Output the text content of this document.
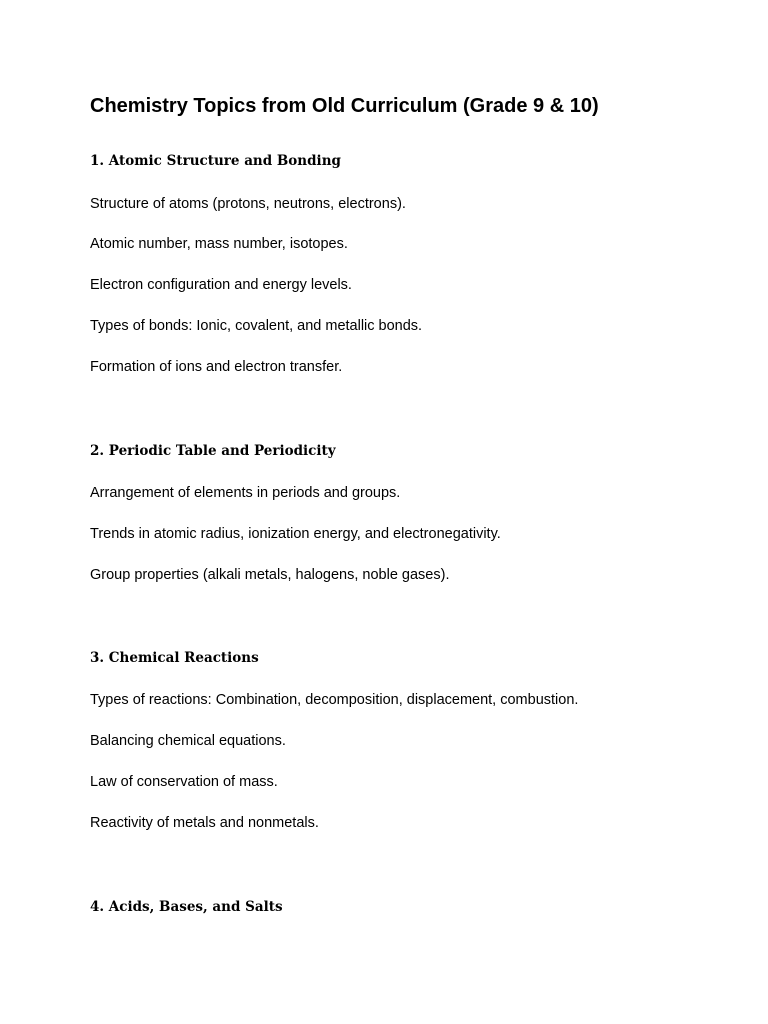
Chemistry Topics from Old Curriculum (Grade 9 & 10)
1. Atomic Structure and Bonding

Structure of atoms (protons, neutrons, electrons).

Atomic number, mass number, isotopes.

Electron configuration and energy levels.

Types of bonds: Ionic, covalent, and metallic bonds.

Formation of ions and electron transfer.

2. Periodic Table and Periodicity

Arrangement of elements in periods and groups.

Trends in atomic radius, ionization energy, and electronegativity.

Group properties (alkali metals, halogens, noble gases).

3. Chemical Reactions

Types of reactions: Combination, decomposition, displacement, combustion.

Balancing chemical equations.

Law of conservation of mass.

Reactivity of metals and nonmetals.

4. Acids, Bases, and Salts
